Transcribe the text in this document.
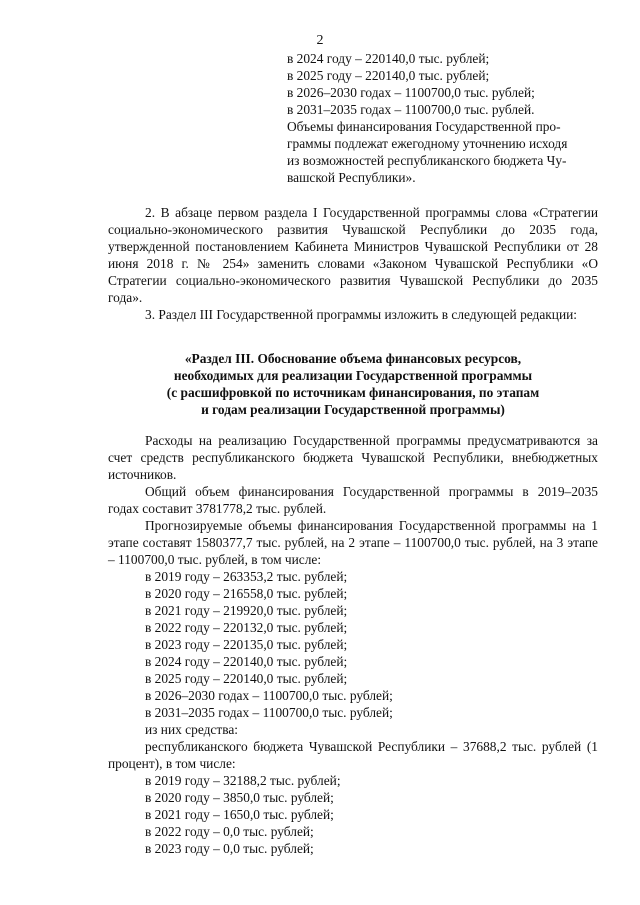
2
в 2024 году – 220140,0 тыс. рублей;
в 2025 году – 220140,0 тыс. рублей;
в 2026–2030 годах – 1100700,0 тыс. рублей;
в 2031–2035 годах – 1100700,0 тыс. рублей.
Объемы финансирования Государственной про-
граммы подлежат ежегодному уточнению исходя
из возможностей республиканского бюджета Чу-
вашской Республики».

2. В абзаце первом раздела I Государственной программы слова «Стратегии социально-экономического развития Чувашской Республики до 2035 года, утвержденной постановлением Кабинета Министров Чувашской Республики от 28 июня 2018 г. № 254» заменить словами «Законом Чувашской Республики «О Стратегии социально-экономического развития Чувашской Республики до 2035 года».

3. Раздел III Государственной программы изложить в следующей редакции:

«Раздел III. Обоснование объема финансовых ресурсов,
необходимых для реализации Государственной программы
(с расшифровкой по источникам финансирования, по этапам
и годам реализации Государственной программы)

Расходы на реализацию Государственной программы предусматриваются за счет средств республиканского бюджета Чувашской Республики, внебюджетных источников.

Общий объем финансирования Государственной программы в 2019–2035 годах составит 3781778,2 тыс. рублей.

Прогнозируемые объемы финансирования Государственной программы на 1 этапе составят 1580377,7 тыс. рублей, на 2 этапе – 1100700,0 тыс. рублей, на 3 этапе – 1100700,0 тыс. рублей, в том числе:

в 2019 году – 263353,2 тыс. рублей;
в 2020 году – 216558,0 тыс. рублей;
в 2021 году – 219920,0 тыс. рублей;
в 2022 году – 220132,0 тыс. рублей;
в 2023 году – 220135,0 тыс. рублей;
в 2024 году – 220140,0 тыс. рублей;
в 2025 году – 220140,0 тыс. рублей;
в 2026–2030 годах – 1100700,0 тыс. рублей;
в 2031–2035 годах – 1100700,0 тыс. рублей;
из них средства:

республиканского бюджета Чувашской Республики – 37688,2 тыс. рублей (1 процент), в том числе:

в 2019 году – 32188,2 тыс. рублей;
в 2020 году – 3850,0 тыс. рублей;
в 2021 году – 1650,0 тыс. рублей;
в 2022 году – 0,0 тыс. рублей;
в 2023 году – 0,0 тыс. рублей;
